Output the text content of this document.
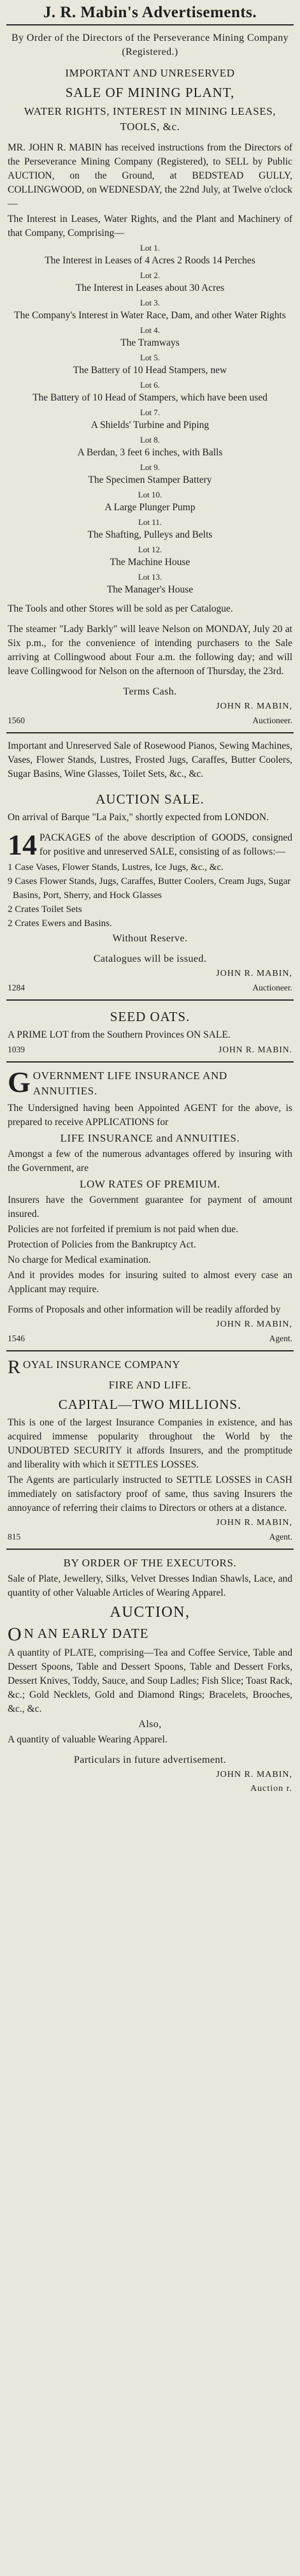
J. R. Mabin's Advertisements.

By Order of the Directors of the Perseverance Mining Company (Registered.)

IMPORTANT AND UNRESERVED

SALE OF MINING PLANT,

WATER RIGHTS, INTEREST IN MINING LEASES, TOOLS, &c.

MR. JOHN R. MABIN has received instructions from the Directors of the Perseverance Mining Company (Registered), to SELL by Public AUCTION, on the Ground, at BEDSTEAD GULLY, COLLINGWOOD, on WEDNESDAY, the 22nd July, at Twelve o'clock—

The Interest in Leases, Water Rights, and the Plant and Machinery of that Company, Comprising—

Lot 1.

The Interest in Leases of 4 Acres 2 Roods 14 Perches

Lot 2.

The Interest in Leases about 30 Acres

Lot 3.

The Company's Interest in Water Race, Dam, and other Water Rights

Lot 4.

The Tramways

Lot 5.

The Battery of 10 Head Stampers, new

Lot 6.

The Battery of 10 Head of Stampers, which have been used

Lot 7.

A Shields' Turbine and Piping

Lot 8.

A Berdan, 3 feet 6 inches, with Balls

Lot 9.

The Specimen Stamper Battery

Lot 10.

A Large Plunger Pump

Lot 11.

The Shafting, Pulleys and Belts

Lot 12.

The Machine House

Lot 13.

The Manager's House

The Tools and other Stores will be sold as per Catalogue.

The steamer "Lady Barkly" will leave Nelson on MONDAY, July 20 at Six p.m., for the convenience of intending purchasers to the Sale arriving at Collingwood about Four a.m. the following day; and will leave Collingwood for Nelson on the afternoon of Thursday, the 23rd.

Terms Cash.

JOHN R. MABIN,

1560	Auctioneer.

Important and Unreserved Sale of Rosewood Pianos, Sewing Machines, Vases, Flower Stands, Lustres, Frosted Jugs, Caraffes, Butter Coolers, Sugar Basins, Wine Glasses, Toilet Sets, &c., &c.

AUCTION SALE.

On arrival of Barque "La Paix," shortly expected from LONDON.

14 PACKAGES of the above description of GOODS, consigned for positive and unreserved SALE, consisting of as follows:—

1 Case Vases, Flower Stands, Lustres, Ice Jugs, &c., &c.

9 Cases Flower Stands, Jugs, Caraffes, Butter Coolers, Cream Jugs, Sugar Basins, Port, Sherry, and Hock Glasses

2 Crates Toilet Sets

2 Crates Ewers and Basins.

Without Reserve.

Catalogues will be issued.

JOHN R. MABIN,

1284	Auctioneer.

SEED OATS.

A PRIME LOT from the Southern Provinces ON SALE.

1039	JOHN R. MABIN.
G OVERNMENT LIFE INSURANCE AND ANNUITIES.

The Undersigned having been Appointed AGENT for the above, is prepared to receive APPLICATIONS for

LIFE INSURANCE and ANNUITIES.

Amongst a few of the numerous advantages offered by insuring with the Government, are

LOW RATES OF PREMIUM.

Insurers have the Government guarantee for payment of amount insured.

Policies are not forfeited if premium is not paid when due.

Protection of Policies from the Bankruptcy Act.

No charge for Medical examination.

And it provides modes for insuring suited to almost every case an Applicant may require.

Forms of Proposals and other information will be readily afforded by

JOHN R. MABIN,

1546	Agent.
R OYAL INSURANCE COMPANY

FIRE AND LIFE.

CAPITAL—TWO MILLIONS.

This is one of the largest Insurance Companies in existence, and has acquired immense popularity throughout the World by the UNDOUBTED SECURITY it affords Insurers, and the promptitude and liberality with which it SETTLES LOSSES.

The Agents are particularly instructed to SETTLE LOSSES in CASH immediately on satisfactory proof of same, thus saving Insurers the annoyance of referring their claims to Directors or others at a distance.

JOHN R. MABIN,

815	Agent.

BY ORDER OF THE EXECUTORS.

Sale of Plate, Jewellery, Silks, Velvet Dresses Indian Shawls, Lace, and quantity of other Valuable Articles of Wearing Apparel.

AUCTION,

O N AN EARLY DATE

A quantity of PLATE, comprising—Tea and Coffee Service, Table and Dessert Spoons, Table and Dessert Spoons, Table and Dessert Forks, Dessert Knives, Toddy, Sauce, and Soup Ladles; Fish Slice; Toast Rack, &c.; Gold Necklets, Gold and Diamond Rings; Bracelets, Brooches, &c., &c.

Also,

A quantity of valuable Wearing Apparel.

Particulars in future advertisement.

JOHN R. MABIN,

Auction r.
